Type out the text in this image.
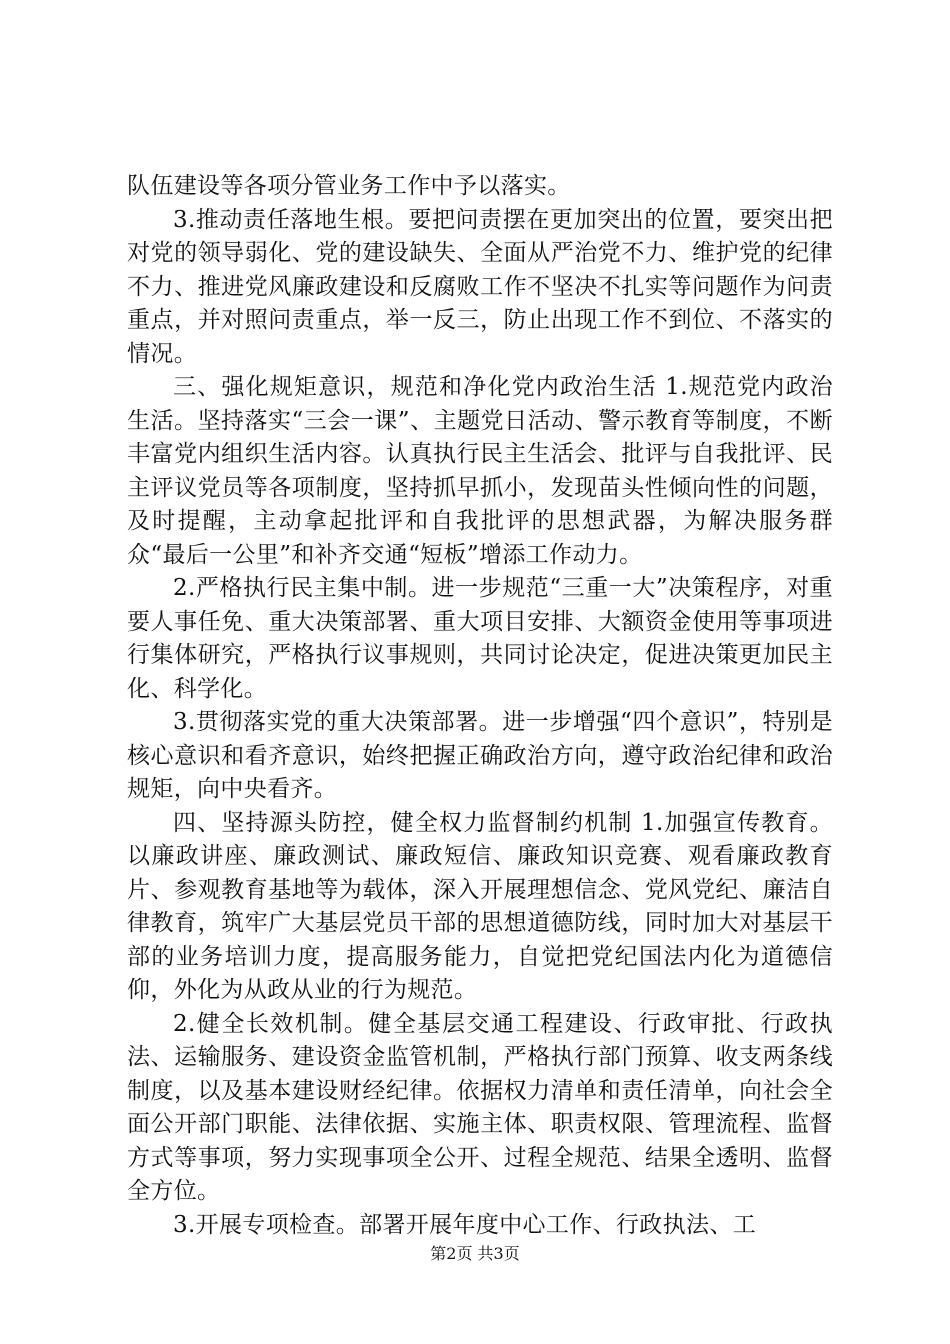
队伍建设等各项分管业务工作中予以落实。

3.推动责任落地生根。要把问责摆在更加突出的位置，要突出把对党的领导弱化、党的建设缺失、全面从严治党不力、维护党的纪律不力、推进党风廉政建设和反腐败工作不坚决不扎实等问题作为问责重点，并对照问责重点，举一反三，防止出现工作不到位、不落实的情况。

三、强化规矩意识，规范和净化党内政治生活 1.规范党内政治生活。坚持落实“三会一课”、主题党日活动、警示教育等制度，不断丰富党内组织生活内容。认真执行民主生活会、批评与自我批评、民主评议党员等各项制度，坚持抓早抓小，发现苗头性倾向性的问题，及时提醒，主动拿起批评和自我批评的思想武器，为解决服务群众“最后一公里”和补齐交通“短板”增添工作动力。

2.严格执行民主集中制。进一步规范“三重一大”决策程序，对重要人事任免、重大决策部署、重大项目安排、大额资金使用等事项进行集体研究，严格执行议事规则，共同讨论决定，促进决策更加民主化、科学化。

3.贯彻落实党的重大决策部署。进一步增强“四个意识”，特别是核心意识和看齐意识，始终把握正确政治方向，遵守政治纪律和政治规矩，向中央看齐。

四、坚持源头防控，健全权力监督制约机制 1.加强宣传教育。以廉政讲座、廉政测试、廉政短信、廉政知识竞赛、观看廉政教育片、参观教育基地等为载体，深入开展理想信念、党风党纪、廉洁自律教育，筑牢广大基层党员干部的思想道德防线，同时加大对基层干部的业务培训力度，提高服务能力，自觉把党纪国法内化为道德信仰，外化为从政从业的行为规范。

2.健全长效机制。健全基层交通工程建设、行政审批、行政执法、运输服务、建设资金监管机制，严格执行部门预算、收支两条线制度，以及基本建设财经纪律。依据权力清单和责任清单，向社会全面公开部门职能、法律依据、实施主体、职责权限、管理流程、监督方式等事项，努力实现事项全公开、过程全规范、结果全透明、监督全方位。

3.开展专项检查。部署开展年度中心工作、行政执法、工

第2页 共3页
